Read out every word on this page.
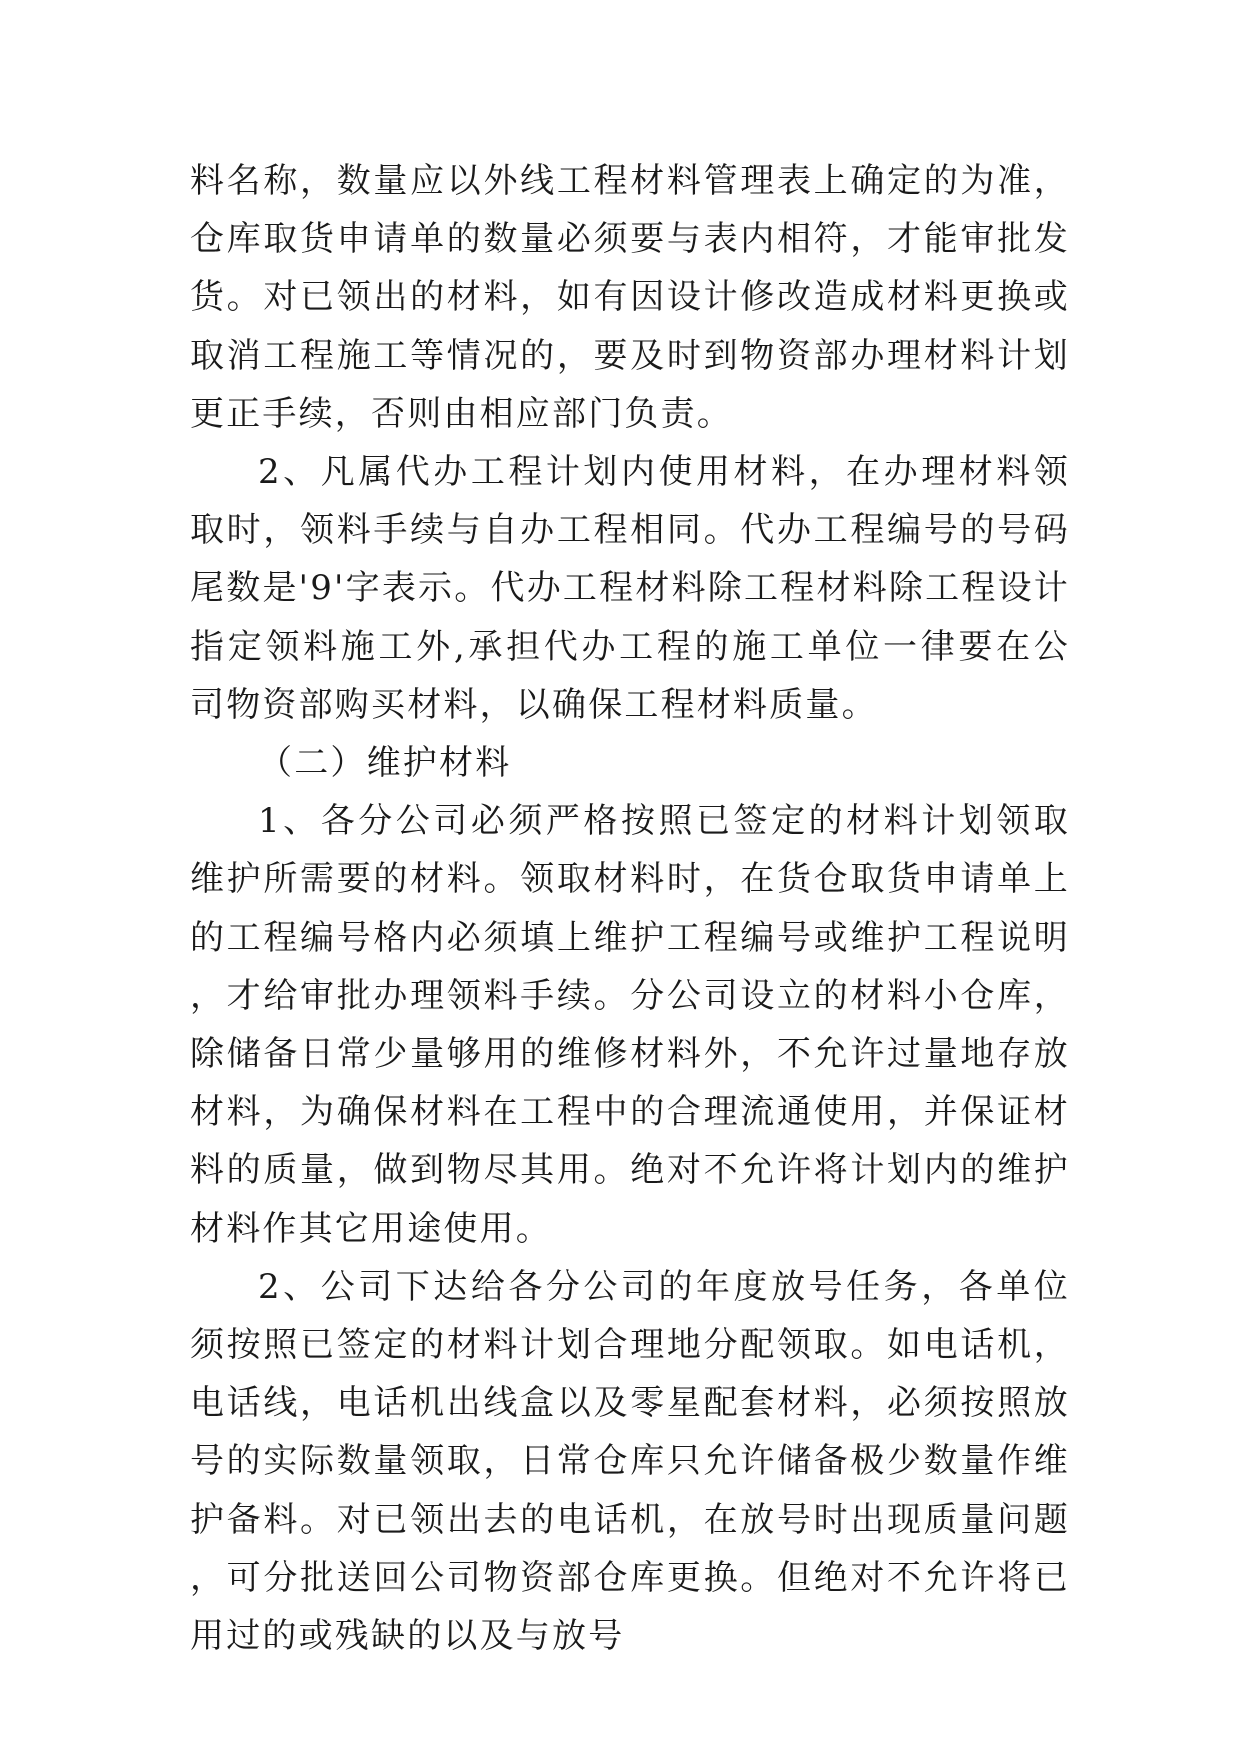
料名称，数量应以外线工程材料管理表上确定的为准，仓库取货申请单的数量必须要与表内相符，才能审批发货。对已领出的材料，如有因设计修改造成材料更换或取消工程施工等情况的，要及时到物资部办理材料计划更正手续，否则由相应部门负责。

2、凡属代办工程计划内使用材料，在办理材料领取时，领料手续与自办工程相同。代办工程编号的号码尾数是'9'字表示。代办工程材料除工程材料除工程设计指定领料施工外,承担代办工程的施工单位一律要在公司物资部购买材料，以确保工程材料质量。

（二）维护材料

1、各分公司必须严格按照已签定的材料计划领取维护所需要的材料。领取材料时，在货仓取货申请单上的工程编号格内必须填上维护工程编号或维护工程说明，才给审批办理领料手续。分公司设立的材料小仓库，除储备日常少量够用的维修材料外，不允许过量地存放材料，为确保材料在工程中的合理流通使用，并保证材料的质量，做到物尽其用。绝对不允许将计划内的维护材料作其它用途使用。

2、公司下达给各分公司的年度放号任务，各单位须按照已签定的材料计划合理地分配领取。如电话机，电话线，电话机出线盒以及零星配套材料，必须按照放号的实际数量领取，日常仓库只允许储备极少数量作维护备料。对已领出去的电话机，在放号时出现质量问题，可分批送回公司物资部仓库更换。但绝对不允许将已用过的或残缺的以及与放号
